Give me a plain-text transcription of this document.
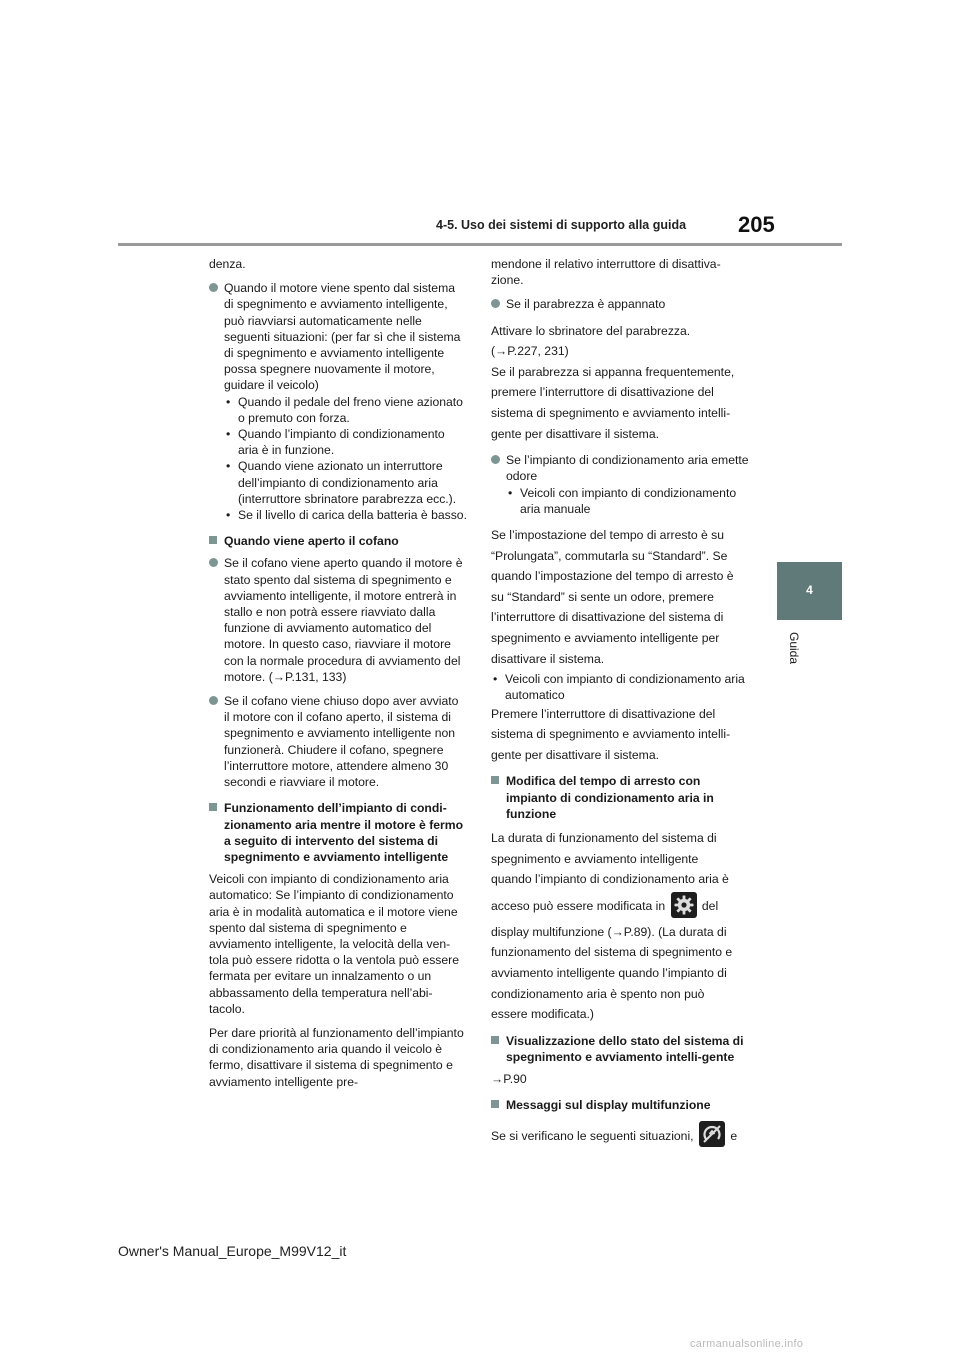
4-5. Uso dei sistemi di supporto alla guida 205
4
Guida

denza.

Quando il motore viene spento dal sistema di spegnimento e avviamento intelligente, può riavviarsi automaticamente nelle seguenti situazioni: (per far sì che il sistema di spegnimento e avviamento intelligente possa spegnere nuovamente il motore, guidare il veicolo)
• Quando il pedale del freno viene azionato o premuto con forza.
• Quando l’impianto di condizionamento aria è in funzione.
• Quando viene azionato un interruttore dell’impianto di condizionamento aria (interruttore sbrinatore parabrezza ecc.).
• Se il livello di carica della batteria è basso.
Quando viene aperto il cofano
Se il cofano viene aperto quando il motore è stato spento dal sistema di spegnimento e avviamento intelligente, il motore entrerà in stallo e non potrà essere riavviato dalla funzione di avviamento automatico del motore. In questo caso, riavviare il motore con la normale procedura di avviamento del motore. (→P.131, 133)
Se il cofano viene chiuso dopo aver avviato il motore con il cofano aperto, il sistema di spegnimento e avviamento intelligente non funzionerà. Chiudere il cofano, spegnere l’interruttore motore, attendere almeno 30 secondi e riavviare il motore.
Funzionamento dell’impianto di condi-zionamento aria mentre il motore è fermo a seguito di intervento del sistema di spegnimento e avviamento intelligente

Veicoli con impianto di condizionamento aria automatico: Se l’impianto di condizionamento aria è in modalità automatica e il motore viene spento dal sistema di spegnimento e avviamento intelligente, la velocità della ven-tola può essere ridotta o la ventola può essere fermata per evitare un innalzamento o un abbassamento della temperatura nell’abi-tacolo.

Per dare priorità al funzionamento dell’impianto di condizionamento aria quando il veicolo è fermo, disattivare il sistema di spegnimento e avviamento intelligente pre-

mendone il relativo interruttore di disattiva-zione.

Se il parabrezza è appannato

Attivare lo sbrinatore del parabrezza.

(→P.227, 231)

Se il parabrezza si appanna frequentemente,

premere l’interruttore di disattivazione del

sistema di spegnimento e avviamento intelli-

gente per disattivare il sistema.

Se l’impianto di condizionamento aria emette odore
• Veicoli con impianto di condizionamento aria manuale

Se l’impostazione del tempo di arresto è su

“Prolungata”, commutarla su “Standard”. Se

quando l’impostazione del tempo di arresto è

su “Standard” si sente un odore, premere

l’interruttore di disattivazione del sistema di

spegnimento e avviamento intelligente per

disattivare il sistema.

• Veicoli con impianto di condizionamento aria automatico

Premere l’interruttore di disattivazione del

sistema di spegnimento e avviamento intelli-

gente per disattivare il sistema.

Modifica del tempo di arresto con impianto di condizionamento aria in funzione

La durata di funzionamento del sistema di

spegnimento e avviamento intelligente

quando l’impianto di condizionamento aria è

acceso può essere modificata in	del

display multifunzione (→P.89). (La durata di

funzionamento del sistema di spegnimento e

avviamento intelligente quando l’impianto di

condizionamento aria è spento non può

essere modificata.)

Visualizzazione dello stato del sistema di spegnimento e avviamento intelli-gente

→P.90

Messaggi sul display multifunzione

Se si verificano le seguenti situazioni,	e

Owner's Manual_Europe_M99V12_it
carmanualsonline.info
